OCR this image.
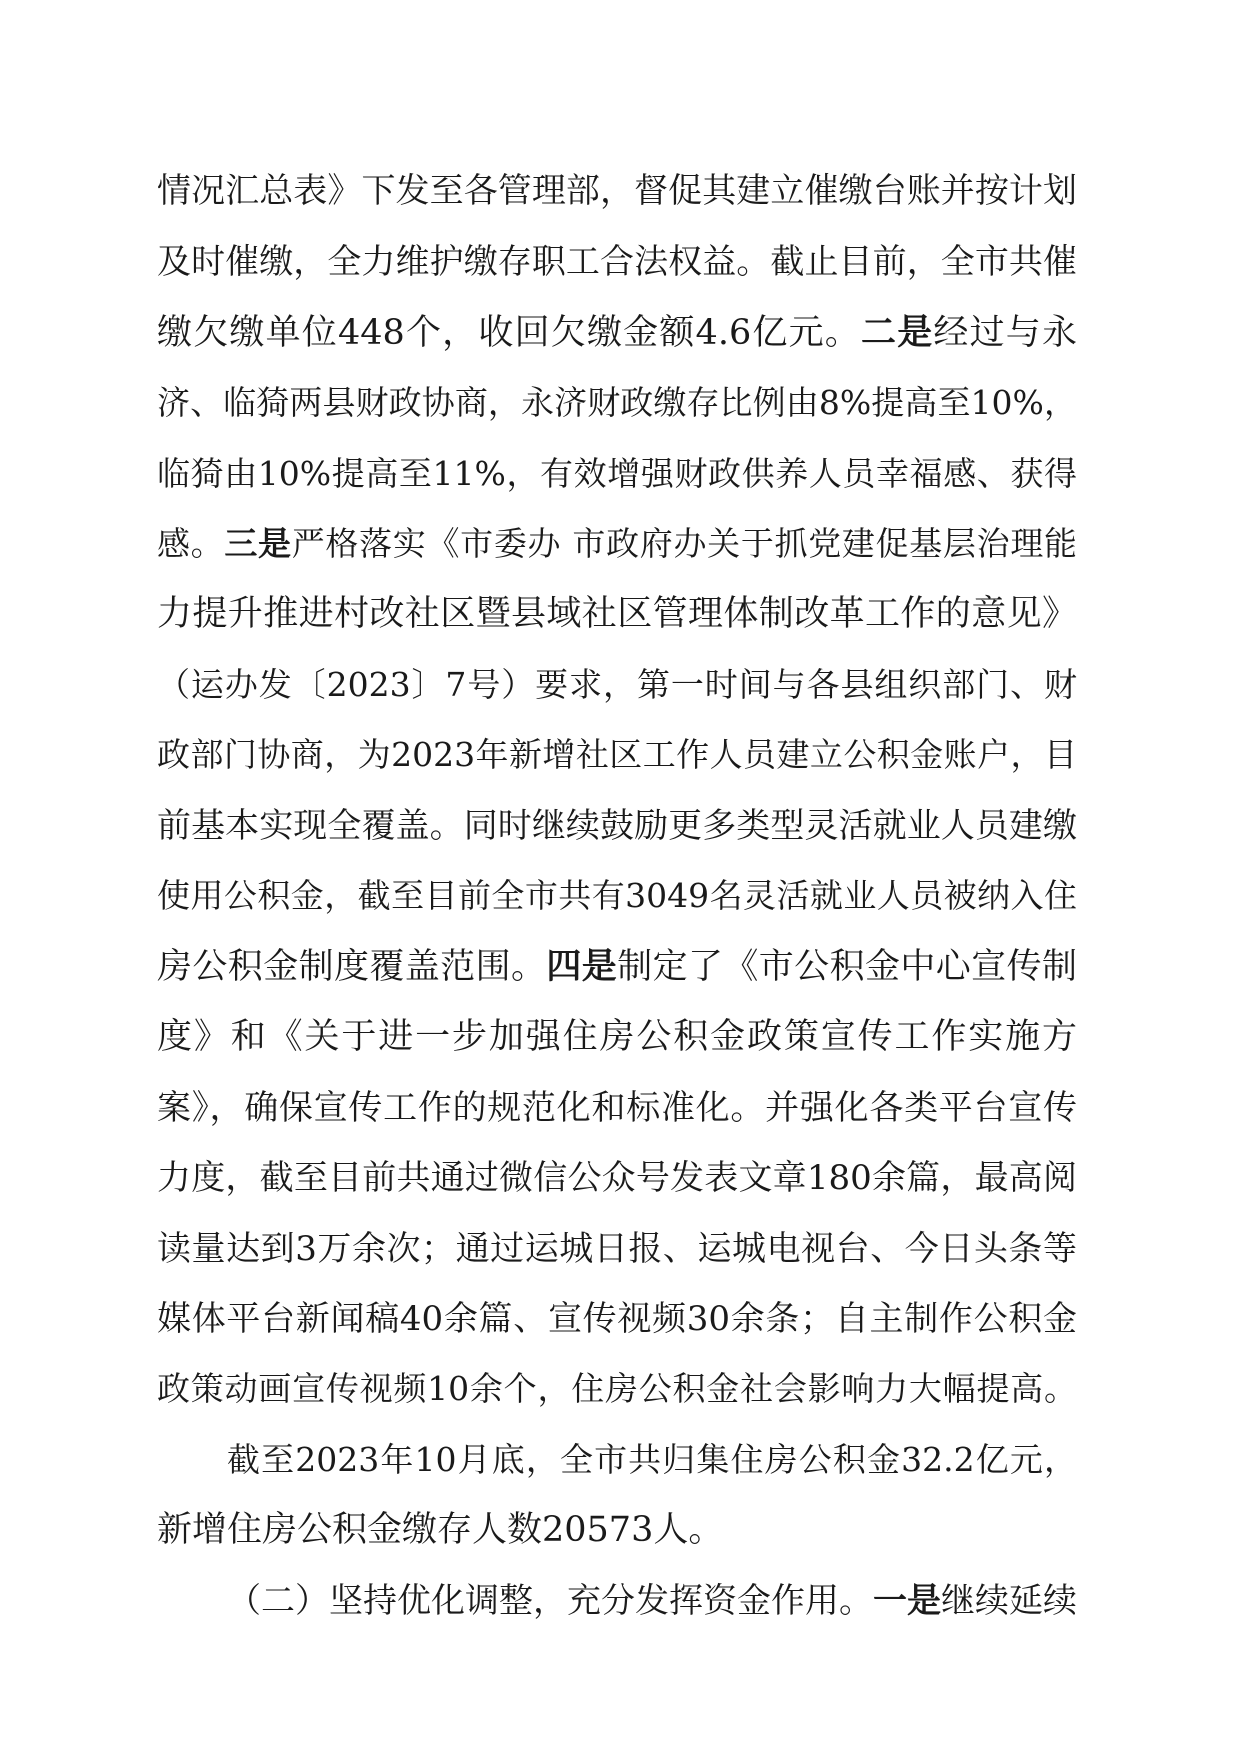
情况汇总表》下发至各管理部，督促其建立催缴台账并按计划
及时催缴，全力维护缴存职工合法权益。截止目前，全市共催
缴欠缴单位448个，收回欠缴金额4.6亿元。二是经过与永
济、临猗两县财政协商，永济财政缴存比例由8%提高至10%，
临猗由10%提高至11%，有效增强财政供养人员幸福感、获得
感。三是严格落实《市委办 市政府办关于抓党建促基层治理能
力提升推进村改社区暨县域社区管理体制改革工作的意见》
（运办发〔2023〕7号）要求，第一时间与各县组织部门、财
政部门协商，为2023年新增社区工作人员建立公积金账户，目
前基本实现全覆盖。同时继续鼓励更多类型灵活就业人员建缴
使用公积金，截至目前全市共有3049名灵活就业人员被纳入住
房公积金制度覆盖范围。四是制定了《市公积金中心宣传制
度》和《关于进一步加强住房公积金政策宣传工作实施方
案》，确保宣传工作的规范化和标准化。并强化各类平台宣传
力度，截至目前共通过微信公众号发表文章180余篇，最高阅
读量达到3万余次；通过运城日报、运城电视台、今日头条等
媒体平台新闻稿40余篇、宣传视频30余条；自主制作公积金
政策动画宣传视频10余个，住房公积金社会影响力大幅提高。
截至2023年10月底，全市共归集住房公积金32.2亿元，
新增住房公积金缴存人数20573人。
（二）坚持优化调整，充分发挥资金作用。一是继续延续
